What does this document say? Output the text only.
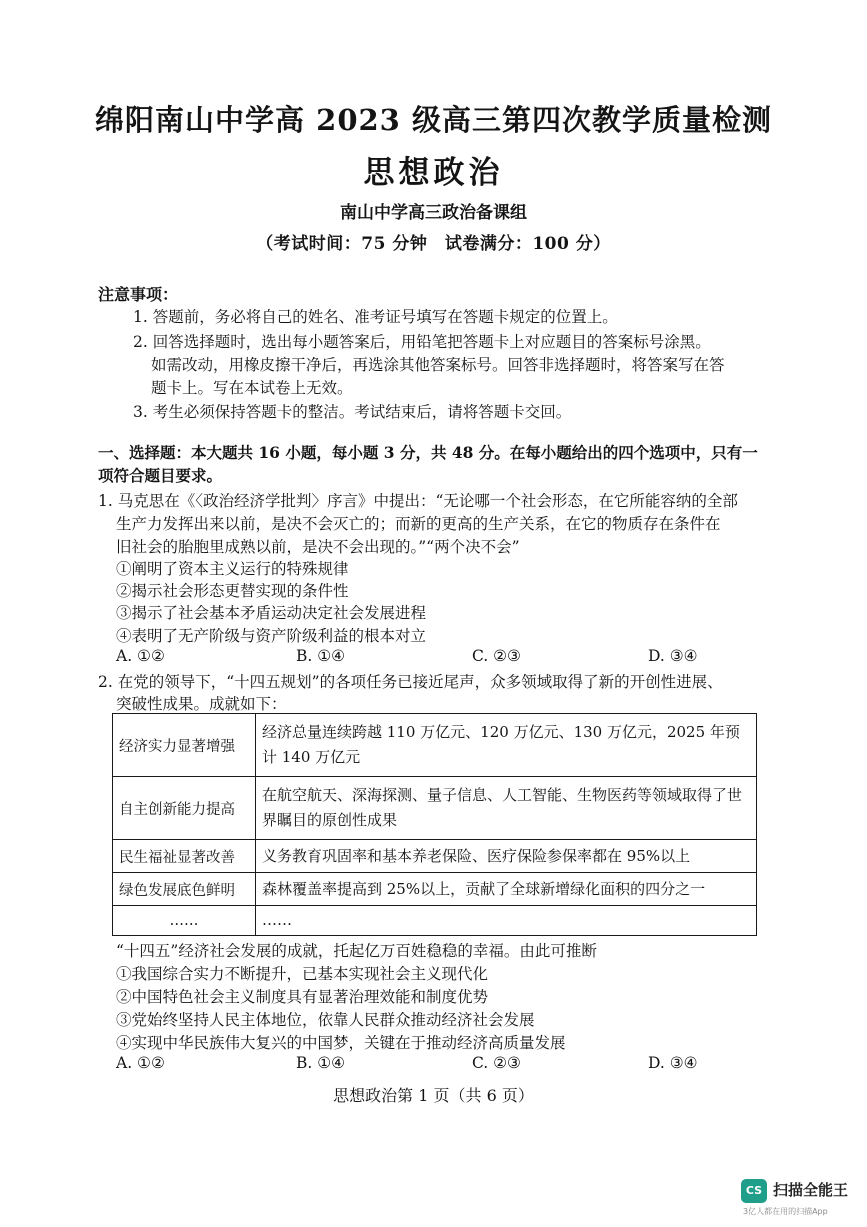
绵阳南山中学高 2023 级高三第四次教学质量检测
思想政治
南山中学高三政治备课组
（考试时间：75 分钟　试卷满分：100 分）
注意事项：
1. 答题前，务必将自己的姓名、准考证号填写在答题卡规定的位置上。
2. 回答选择题时，选出每小题答案后，用铅笔把答题卡上对应题目的答案标号涂黑。
如需改动，用橡皮擦干净后，再选涂其他答案标号。回答非选择题时，将答案写在答
题卡上。写在本试卷上无效。
3. 考生必须保持答题卡的整洁。考试结束后，请将答题卡交回。
一、选择题：本大题共 16 小题，每小题 3 分，共 48 分。在每小题给出的四个选项中，只有一
项符合题目要求。
1. 马克思在《〈政治经济学批判〉序言》中提出：“无论哪一个社会形态，在它所能容纳的全部
生产力发挥出来以前，是决不会灭亡的；而新的更高的生产关系，在它的物质存在条件在
旧社会的胎胞里成熟以前，是决不会出现的。”“两个决不会”
②揭示社会形态更替实现的条件性
①阐明了资本主义运行的特殊规律
③揭示了社会基本矛盾运动决定社会发展进程
④表明了无产阶级与资产阶级利益的根本对立
A. ①②	B. ①④	C. ②③	D. ③④
2. 在党的领导下，“十四五规划”的各项任务已接近尾声，众多领域取得了新的开创性进展、
突破性成果。成就如下：
经济实力显著增强	经济总量连续跨越 110 万亿元、120 万亿元、130 万亿元，2025 年预计 140 万亿元
自主创新能力提高	在航空航天、深海探测、量子信息、人工智能、生物医药等领域取得了世界瞩目的原创性成果
民生福祉显著改善	义务教育巩固率和基本养老保险、医疗保险参保率都在 95%以上
绿色发展底色鲜明	森林覆盖率提高到 25%以上，贡献了全球新增绿化面积的四分之一
……	……
“十四五”经济社会发展的成就，托起亿万百姓稳稳的幸福。由此可推断
①我国综合实力不断提升，已基本实现社会主义现代化
②中国特色社会主义制度具有显著治理效能和制度优势
③党始终坚持人民主体地位，依靠人民群众推动经济社会发展
④实现中华民族伟大复兴的中国梦，关键在于推动经济高质量发展
A. ①②	B. ①④	C. ②③	D. ③④
思想政治第 1 页（共 6 页）
CS 扫描全能王
3亿人都在用的扫描App
